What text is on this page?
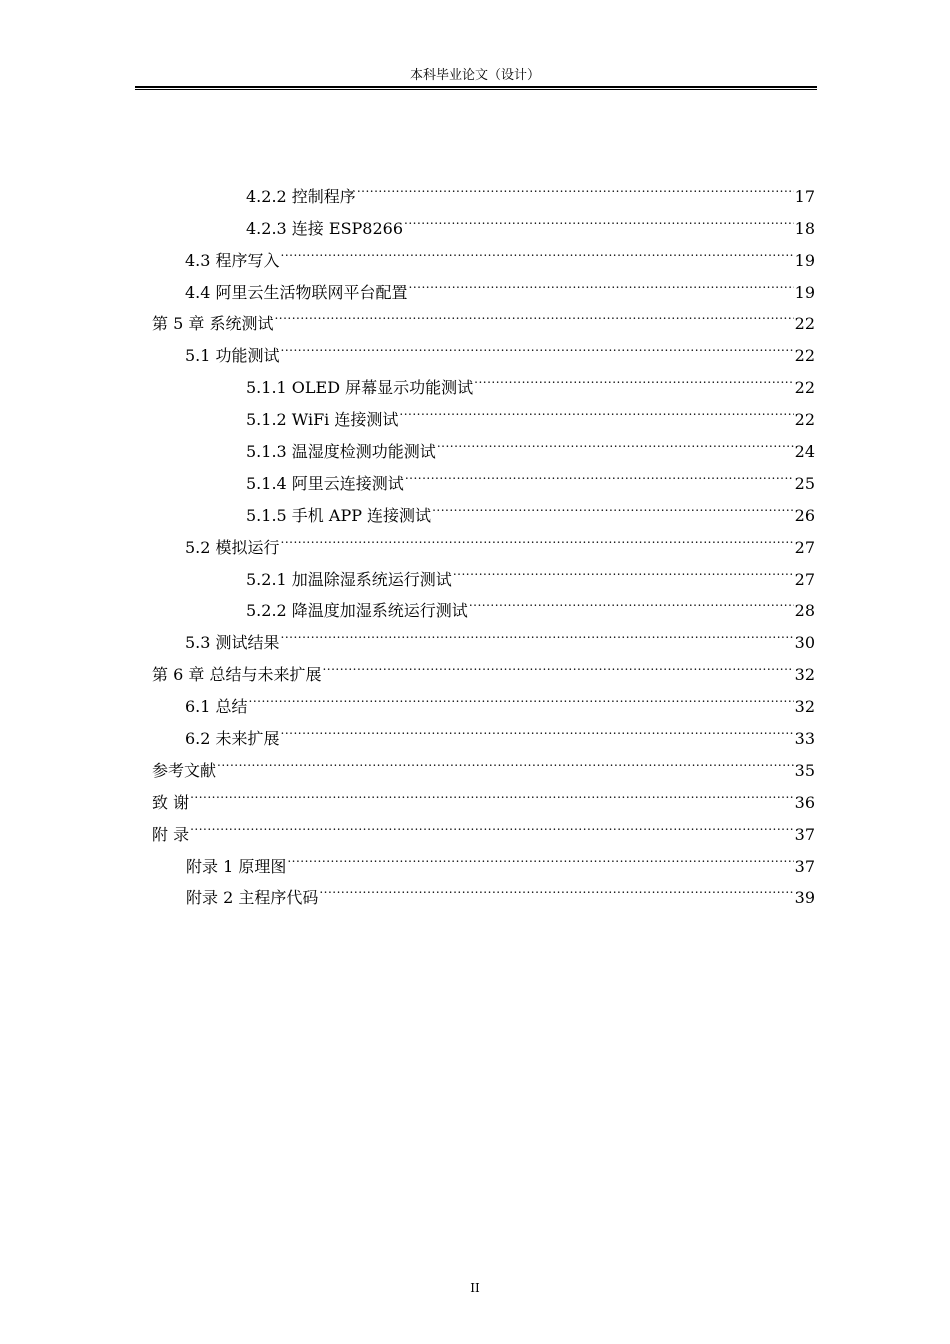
本科毕业论文（设计）
4.2.2 控制程序 .....	17
4.2.3 连接 ESP8266 .....	18
4.3 程序写入 .....	19
4.4 阿里云生活物联网平台配置 .....	19
第 5 章 系统测试 .....	22
5.1 功能测试 .....	22
5.1.1 OLED 屏幕显示功能测试 .....	22
5.1.2 WiFi 连接测试 .....	22
5.1.3 温湿度检测功能测试 .....	24
5.1.4 阿里云连接测试 .....	25
5.1.5 手机 APP 连接测试 .....	26
5.2 模拟运行 .....	27
5.2.1 加温除湿系统运行测试 .....	27
5.2.2 降温度加湿系统运行测试 .....	28
5.3 测试结果 .....	30
第 6 章 总结与未来扩展 .....	32
6.1 总结 .....	32
6.2 未来扩展 .....	33
参考文献 .....	35
致 谢 .....	36
附 录 .....	37
附录 1 原理图 .....	37
附录 2 主程序代码 .....	39
II
